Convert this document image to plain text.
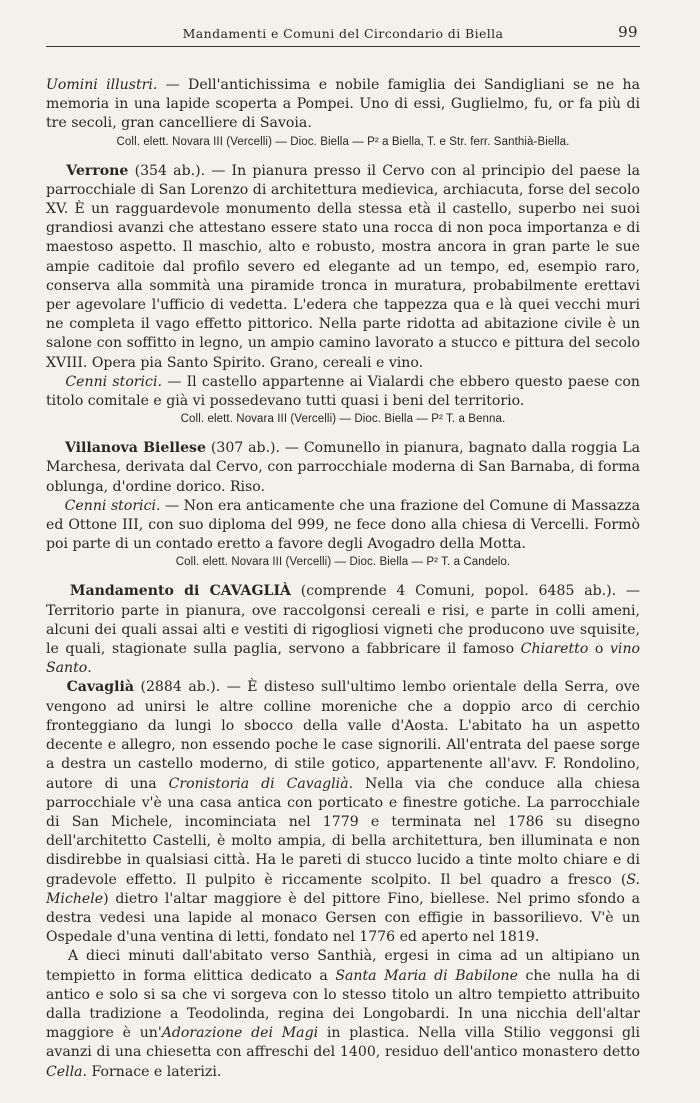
Mandamenti e Comuni del Circondario di Biella	99

Uomini illustri. — Dell'antichissima e nobile famiglia dei Sandigliani se ne ha memoria in una lapide scoperta a Pompei. Uno di essi, Guglielmo, fu, or fa più di tre secoli, gran cancelliere di Savoia.

Coll. elett. Novara III (Vercelli) — Dioc. Biella — P² a Biella, T. e Str. ferr. Santhià-Biella.

  Verrone (354 ab.). — In pianura presso il Cervo con al principio del paese la parrocchiale di San Lorenzo di architettura medievica, archiacuta, forse del secolo XV. È un ragguardevole monumento della stessa età il castello, superbo nei suoi grandiosi avanzi che attestano essere stato una rocca di non poca importanza e di maestoso aspetto. Il maschio, alto e robusto, mostra ancora in gran parte le sue ampie caditoie dal profilo severo ed elegante ad un tempo, ed, esempio raro, conserva alla sommità una piramide tronca in muratura, probabilmente erettavi per agevolare l'ufficio di vedetta. L'edera che tappezza qua e là quei vecchi muri ne completa il vago effetto pittorico. Nella parte ridotta ad abitazione civile è un salone con soffitto in legno, un ampio camino lavorato a stucco e pittura del secolo XVIII. Opera pia Santo Spirito. Grano, cereali e vino.

  Cenni storici. — Il castello appartenne ai Vialardi che ebbero questo paese con titolo comitale e già vi possedevano tutti quasi i beni del territorio.

Coll. elett. Novara III (Vercelli) — Dioc. Biella — P² T. a Benna.

  Villanova Biellese (307 ab.). — Comunello in pianura, bagnato dalla roggia La Marchesa, derivata dal Cervo, con parrocchiale moderna di San Barnaba, di forma oblunga, d'ordine dorico. Riso.

  Cenni storici. — Non era anticamente che una frazione del Comune di Massazza ed Ottone III, con suo diploma del 999, ne fece dono alla chiesa di Vercelli. Formò poi parte di un contado eretto a favore degli Avogadro della Motta.

Coll. elett. Novara III (Vercelli) — Dioc. Biella — P² T. a Candelo.

  Mandamento di CAVAGLIÀ (comprende 4 Comuni, popol. 6485 ab.). — Territorio parte in pianura, ove raccolgonsi cereali e risi, e parte in colli ameni, alcuni dei quali assai alti e vestiti di rigogliosi vigneti che producono uve squisite, le quali, stagionate sulla paglia, servono a fabbricare il famoso Chiaretto o vino Santo.

  Cavaglià (2884 ab.). — È disteso sull'ultimo lembo orientale della Serra, ove vengono ad unirsi le altre colline moreniche che a doppio arco di cerchio fronteggiano da lungi lo sbocco della valle d'Aosta. L'abitato ha un aspetto decente e allegro, non essendo poche le case signorili. All'entrata del paese sorge a destra un castello moderno, di stile gotico, appartenente all'avv. F. Rondolino, autore di una Cronistoria di Cavaglià. Nella via che conduce alla chiesa parrocchiale v'è una casa antica con porticato e finestre gotiche. La parrocchiale di San Michele, incominciata nel 1779 e terminata nel 1786 su disegno dell'architetto Castelli, è molto ampia, di bella architettura, ben illuminata e non disdirebbe in qualsiasi città. Ha le pareti di stucco lucido a tinte molto chiare e di gradevole effetto. Il pulpito è riccamente scolpito. Il bel quadro a fresco (S. Michele) dietro l'altar maggiore è del pittore Fino, biellese. Nel primo sfondo a destra vedesi una lapide al monaco Gersen con effigie in bassorilievo. V'è un Ospedale d'una ventina di letti, fondato nel 1776 ed aperto nel 1819.

  A dieci minuti dall'abitato verso Santhià, ergesi in cima ad un altipiano un tempietto in forma elittica dedicato a Santa Maria di Babilone che nulla ha di antico e solo si sa che vi sorgeva con lo stesso titolo un altro tempietto attribuito dalla tradizione a Teodolinda, regina dei Longobardi. In una nicchia dell'altar maggiore è un'Adorazione dei Magi in plastica. Nella villa Stilio veggonsi gli avanzi di una chiesetta con affreschi del 1400, residuo dell'antico monastero detto Cella. Fornace e laterizi.
